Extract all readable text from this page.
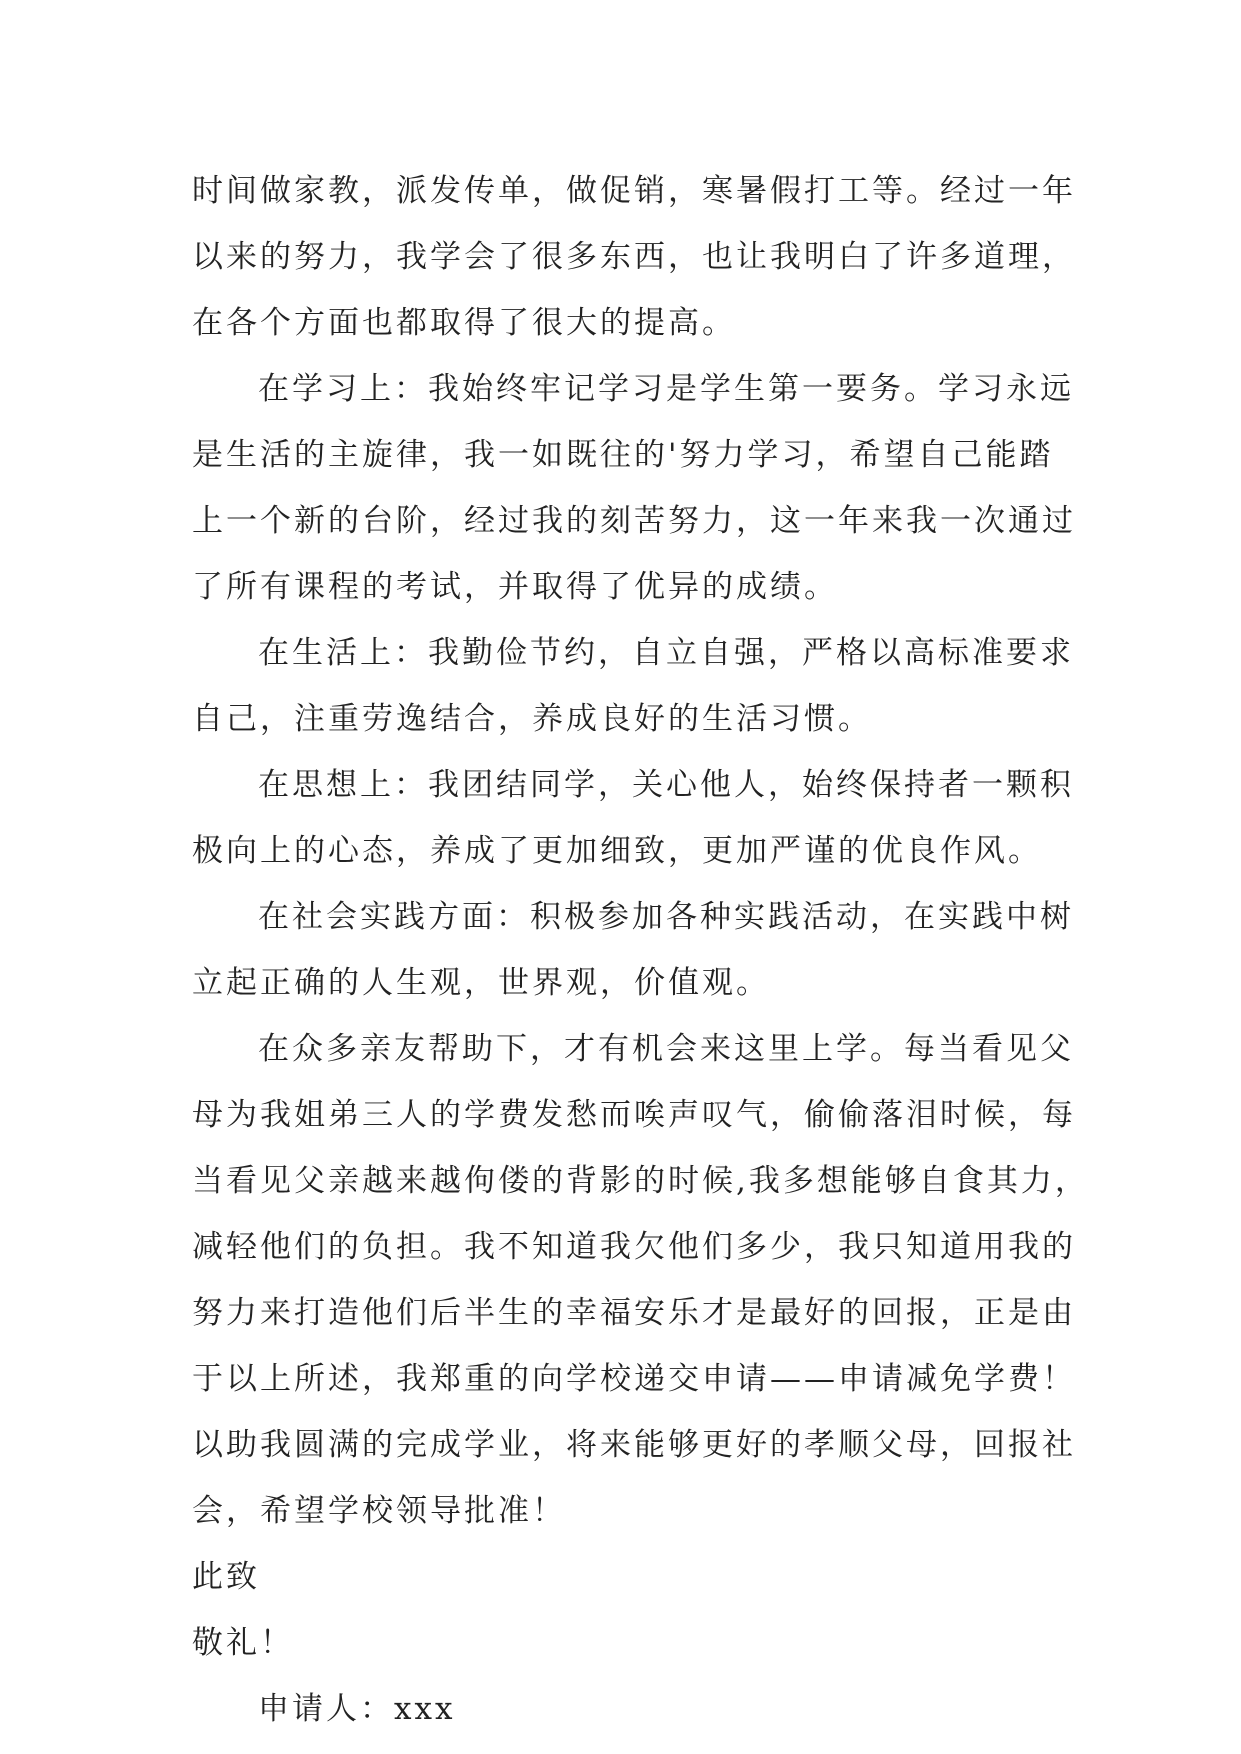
时间做家教，派发传单，做促销，寒暑假打工等。经过一年
以来的努力，我学会了很多东西，也让我明白了许多道理，
在各个方面也都取得了很大的提高。
在学习上：我始终牢记学习是学生第一要务。学习永远
是生活的主旋律，我一如既往的'努力学习，希望自己能踏
上一个新的台阶，经过我的刻苦努力，这一年来我一次通过
了所有课程的考试，并取得了优异的成绩。
在生活上：我勤俭节约，自立自强，严格以高标准要求
自己，注重劳逸结合，养成良好的生活习惯。
在思想上：我团结同学，关心他人，始终保持者一颗积
极向上的心态，养成了更加细致，更加严谨的优良作风。
在社会实践方面：积极参加各种实践活动，在实践中树
立起正确的人生观，世界观，价值观。
在众多亲友帮助下，才有机会来这里上学。每当看见父
母为我姐弟三人的学费发愁而唉声叹气，偷偷落泪时候，每
当看见父亲越来越佝偻的背影的时候,我多想能够自食其力，
减轻他们的负担。我不知道我欠他们多少，我只知道用我的
努力来打造他们后半生的幸福安乐才是最好的回报，正是由
于以上所述，我郑重的向学校递交申请——申请减免学费！
以助我圆满的完成学业，将来能够更好的孝顺父母，回报社
会，希望学校领导批准！
此致
敬礼！
申请人：xxx
